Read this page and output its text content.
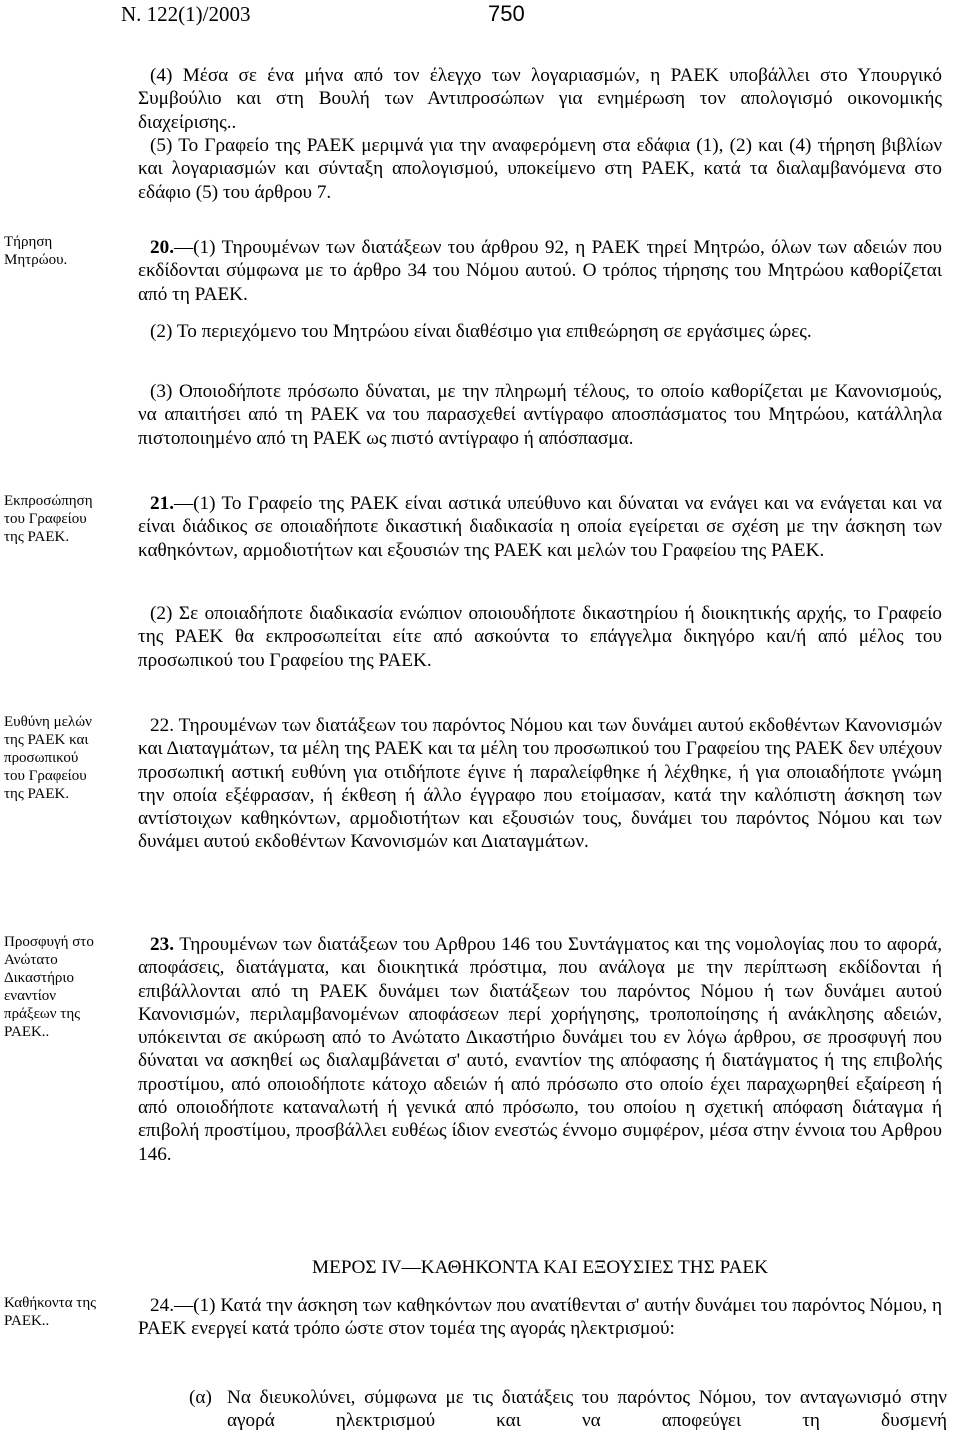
Ν. 122(1)/2003	750
Τήρηση
Μητρώου.
Εκπροσώπηση
του Γραφείου
της ΡΑΕΚ.
Ευθύνη μελών
της ΡΑΕΚ και
προσωπικού
του Γραφείου
της ΡΑΕΚ.
Προσφυγή στο
Ανώτατο
Δικαστήριο
εναντίον
πράξεων της
ΡΑΕΚ..
Καθήκοντα της
ΡΑΕΚ..

(4) Μέσα σε ένα μήνα από τον έλεγχο των λογαριασμών, η ΡΑΕΚ υποβάλλει στο Υπουργικό Συμβούλιο και στη Βουλή των Αντιπροσώπων για ενημέρωση τον απολογισμό οικονομικής διαχείρισης..

(5) Το Γραφείο της ΡΑΕΚ μεριμνά για την αναφερόμενη στα εδάφια (1), (2) και (4) τήρηση βιβλίων και λογαριασμών και σύνταξη απολογισμού, υποκείμενο στη ΡΑΕΚ, κατά τα διαλαμβανόμενα στο εδάφιο (5) του άρθρου 7.

20.—(1) Τηρουμένων των διατάξεων του άρθρου 92, η ΡΑΕΚ τηρεί Μητρώο, όλων των αδειών που εκδίδονται σύμφωνα με το άρθρο 34 του Νόμου αυτού. Ο τρόπος τήρησης του Μητρώου καθορίζεται από τη ΡΑΕΚ.

(2) Το περιεχόμενο του Μητρώου είναι διαθέσιμο για επιθεώρηση σε εργάσιμες ώρες.

(3) Οποιοδήποτε πρόσωπο δύναται, με την πληρωμή τέλους, το οποίο καθορίζεται με Κανονισμούς, να απαιτήσει από τη ΡΑΕΚ να του παρασχεθεί αντίγραφο αποσπάσματος του Μητρώου, κατάλληλα πιστοποιημένο από τη ΡΑΕΚ ως πιστό αντίγραφο ή απόσπασμα.

21.—(1) Το Γραφείο της ΡΑΕΚ είναι αστικά υπεύθυνο και δύναται να ενάγει και να ενάγεται και να είναι διάδικος σε οποιαδήποτε δικαστική διαδικασία η οποία εγείρεται σε σχέση με την άσκηση των καθηκόντων, αρμοδιοτήτων και εξουσιών της ΡΑΕΚ και μελών του Γραφείου της ΡΑΕΚ.

(2) Σε οποιαδήποτε διαδικασία ενώπιον οποιουδήποτε δικαστηρίου ή διοικητικής αρχής, το Γραφείο της ΡΑΕΚ θα εκπροσωπείται είτε από ασκούντα το επάγγελμα δικηγόρο και/ή από μέλος του προσωπικού του Γραφείου της ΡΑΕΚ.

22. Τηρουμένων των διατάξεων του παρόντος Νόμου και των δυνάμει αυτού εκδοθέντων Κανονισμών και Διαταγμάτων, τα μέλη της ΡΑΕΚ και τα μέλη του προσωπικού του Γραφείου της ΡΑΕΚ δεν υπέχουν προσωπική αστική ευθύνη για οτιδήποτε έγινε ή παραλείφθηκε ή λέχθηκε, ή για οποιαδήποτε γνώμη την οποία εξέφρασαν, ή έκθεση ή άλλο έγγραφο που ετοίμασαν, κατά την καλόπιστη άσκηση των αντίστοιχων καθηκόντων, αρμοδιοτήτων και εξουσιών τους, δυνάμει του παρόντος Νόμου και των δυνάμει αυτού εκδοθέντων Κανονισμών και Διαταγμάτων.

23. Τηρουμένων των διατάξεων του Αρθρου 146 του Συντάγματος και της νομολογίας που το αφορά, αποφάσεις, διατάγματα, και διοικητικά πρόστιμα, που ανάλογα με την περίπτωση εκδίδονται ή επιβάλλονται από τη ΡΑΕΚ δυνάμει των διατάξεων του παρόντος Νόμου ή των δυνάμει αυτού Κανονισμών, περιλαμβανομένων αποφάσεων περί χορήγησης, τροποποίησης ή ανάκλησης αδειών, υπόκεινται σε ακύρωση από το Ανώτατο Δικαστήριο δυνάμει του εν λόγω άρθρου, σε προσφυγή που δύναται να ασκηθεί ως διαλαμβάνεται σ' αυτό, εναντίον της απόφασης ή διατάγματος ή της επιβολής προστίμου, από οποιοδήποτε κάτοχο αδειών ή από πρόσωπο στο οποίο έχει παραχωρηθεί εξαίρεση ή από οποιοδήποτε καταναλωτή ή γενικά από πρόσωπο, του οποίου η σχετική απόφαση διάταγμα ή επιβολή προστίμου, προσβάλλει ευθέως ίδιον ενεστώς έννομο συμφέρον, μέσα στην έννοια του Αρθρου 146.

ΜΕΡΟΣ IV—ΚΑΘΗΚΟΝΤΑ ΚΑΙ ΕΞΟΥΣΙΕΣ ΤΗΣ ΡΑΕΚ

24.—(1) Κατά την άσκηση των καθηκόντων που ανατίθενται σ' αυτήν δυνάμει του παρόντος Νόμου, η ΡΑΕΚ ενεργεί κατά τρόπο ώστε στον τομέα της αγοράς ηλεκτρισμού:

(α) Να διευκολύνει, σύμφωνα με τις διατάξεις του παρόντος Νόμου, τον ανταγωνισμό στην αγορά ηλεκτρισμού και να αποφεύγει τη δυσμενή
